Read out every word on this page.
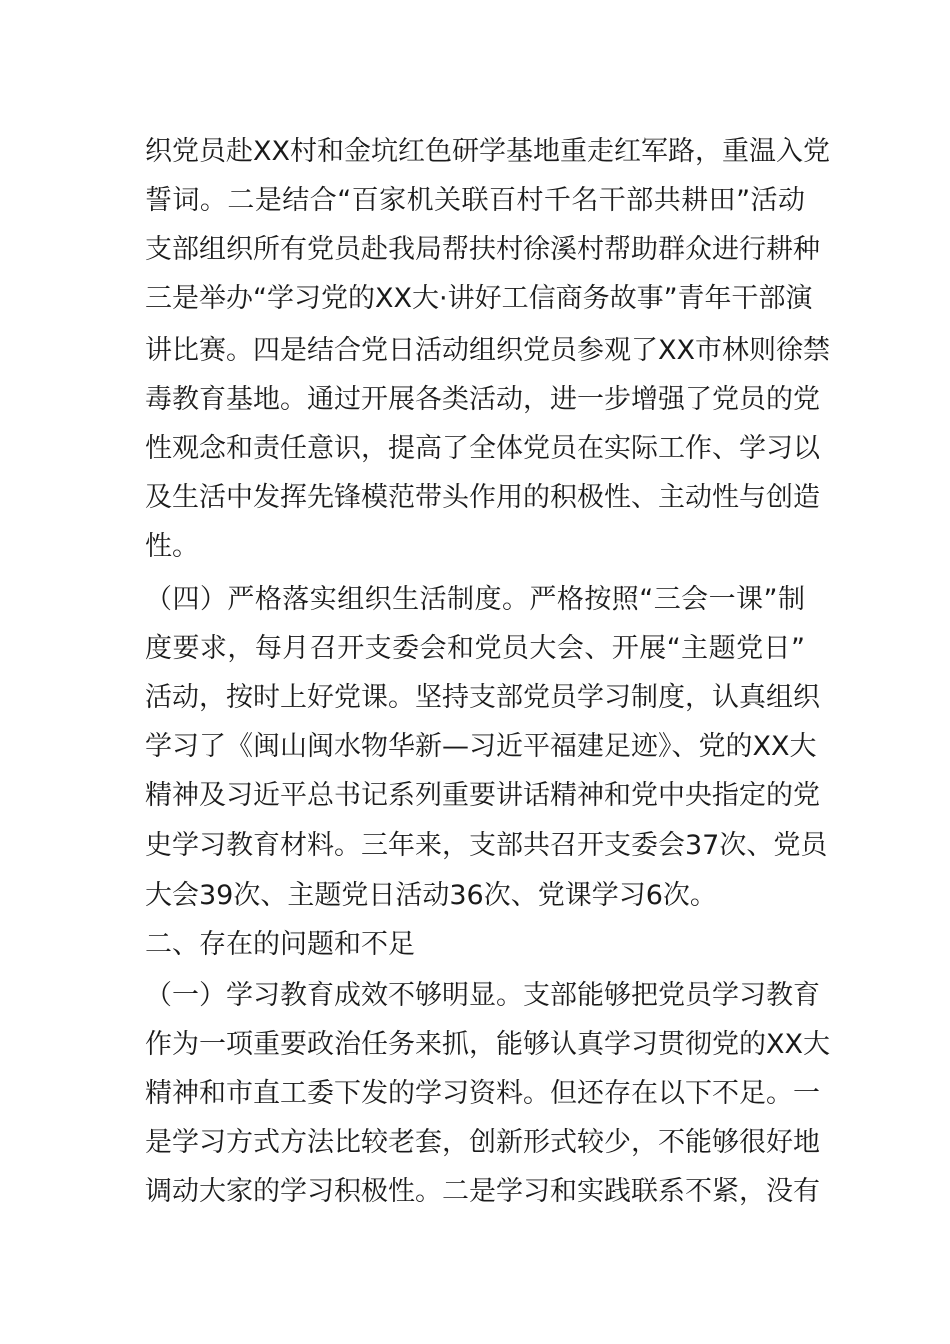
织党员赴XX村和金坑红色研学基地重走红军路，重温入党
誓词。二是结合“百家机关联百村千名干部共耕田”活动
支部组织所有党员赴我局帮扶村徐溪村帮助群众进行耕种
三是举办“学习党的XX大·讲好工信商务故事”青年干部演
讲比赛。四是结合党日活动组织党员参观了XX市林则徐禁
毒教育基地。通过开展各类活动，进一步增强了党员的党
性观念和责任意识，提高了全体党员在实际工作、学习以
及生活中发挥先锋模范带头作用的积极性、主动性与创造
性。
（四）严格落实组织生活制度。严格按照“三会一课”制
度要求，每月召开支委会和党员大会、开展“主题党日”
活动，按时上好党课。坚持支部党员学习制度，认真组织
学习了《闽山闽水物华新—习近平福建足迹》、党的XX大
精神及习近平总书记系列重要讲话精神和党中央指定的党
史学习教育材料。三年来，支部共召开支委会37次、党员
大会39次、主题党日活动36次、党课学习6次。
二、存在的问题和不足
（一）学习教育成效不够明显。支部能够把党员学习教育
作为一项重要政治任务来抓，能够认真学习贯彻党的XX大
精神和市直工委下发的学习资料。但还存在以下不足。一
是学习方式方法比较老套，创新形式较少，不能够很好地
调动大家的学习积极性。二是学习和实践联系不紧，没有
